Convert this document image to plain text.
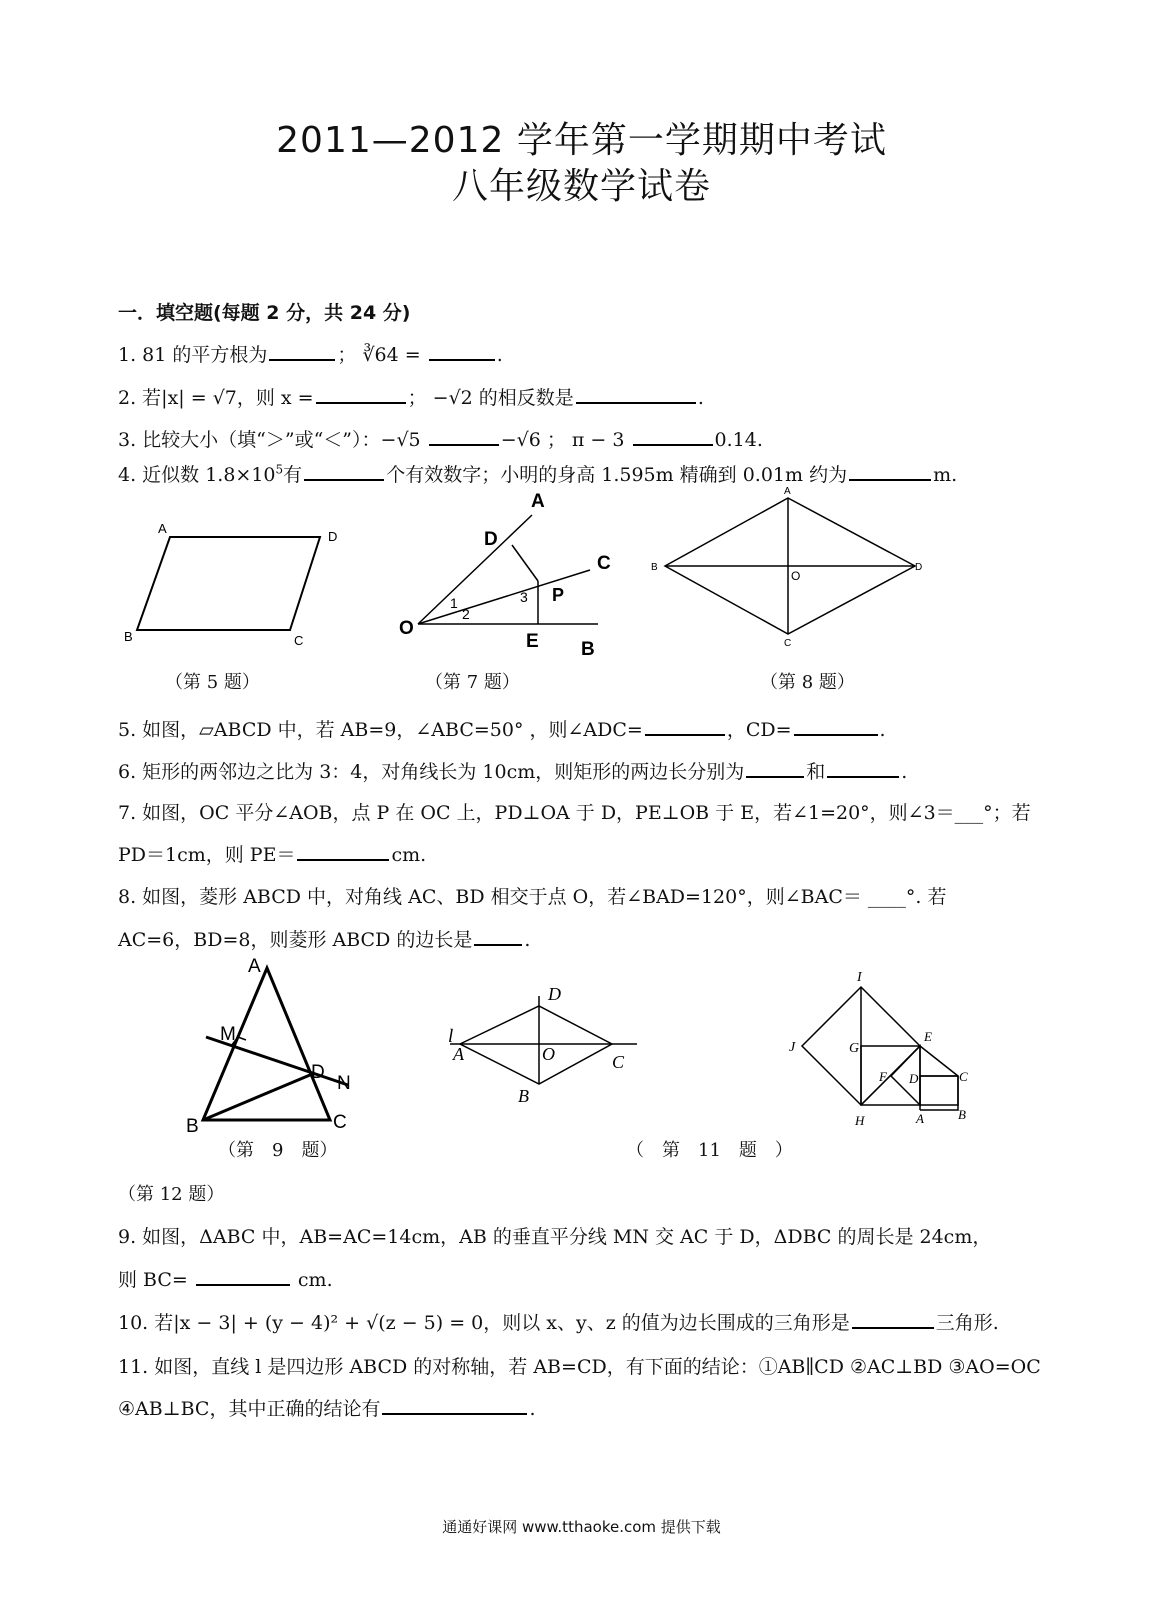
2011—2012 学年第一学期期中考试
八年级数学试卷
一．填空题(每题 2 分，共 24 分)
1. 81 的平方根为	； ∛64 =	.
2. 若|x| = √7，则 x =	； −√2 的相反数是	.
3. 比较大小（填“＞”或“＜”）：−√5	−√6 ； π − 3	0.14.
4. 近似数 $1.8\times 10^5$有	个有效数字；小明的身高 1.595m 精确到 0.01m 约为	m.
A
D
B	C
（第 5 题）
A
D
C
P
3
1
2
O
E B
（第 7 题）
A
B	D
O
C
（第 8 题）
5. 如图，▱ABCD 中，若 AB=9，∠ABC=50° ，则∠ADC=	，CD=	.
6. 矩形的两邻边之比为 3：4，对角线长为 10cm，则矩形的两边长分别为	和	.
7. 如图，OC 平分∠AOB，点 P 在 OC 上，PD⊥OA 于 D，PE⊥OB 于 E，若∠1=20°，则∠3＝___°；若
PD＝1cm，则 PE＝	cm.
8. 如图，菱形 ABCD 中，对角线 AC、BD 相交于点 O，若∠BAD=120°，则∠BAC＝ ____°. 若
AC=6，BD=8，则菱形 ABCD 的边长是	.
A
M
D
N
B	C
（第　9　题）
l
A
D
O	C
B
（　第　11　题　）
I
J	G
E
F D	C
H	A	B
（第 12 题）
9. 如图，ΔABC 中，AB=AC=14cm，AB 的垂直平分线 MN 交 AC 于 D，ΔDBC 的周长是 24cm，
则 BC=	cm.
10. 若|x − 3| + (y − 4)² + √(z − 5) = 0，则以 x、y、z 的值为边长围成的三角形是	三角形.
11. 如图，直线 l 是四边形 ABCD 的对称轴，若 AB=CD，有下面的结论：①AB∥CD ②AC⊥BD ③AO=OC
④AB⊥BC，其中正确的结论有	.
通通好课网 www.tthaoke.com 提供下载
